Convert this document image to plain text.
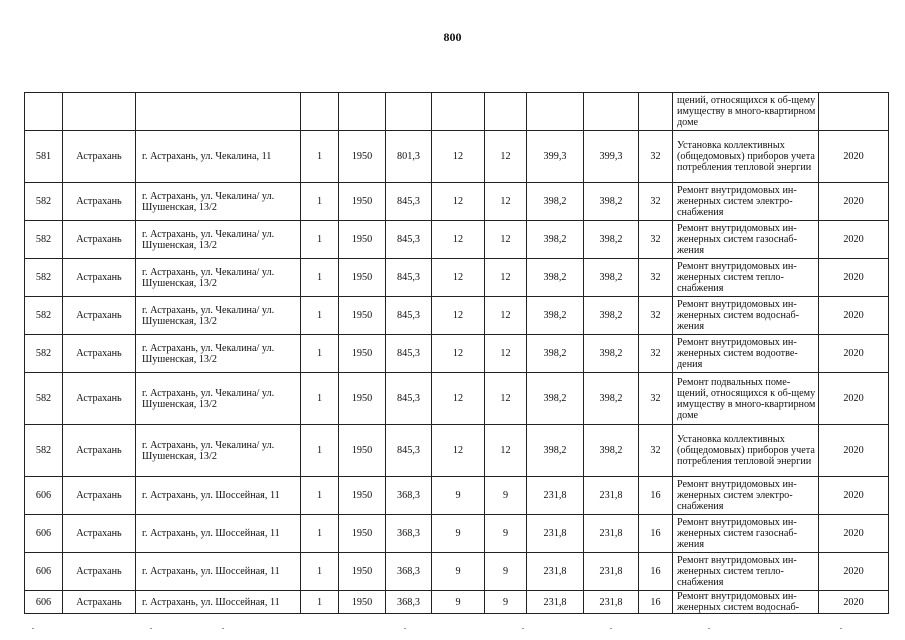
800
											щений, относящихся к об-щему имуществу в много-квартирном доме	
581	Астрахань	г. Астрахань, ул. Чекалина, 11	1	1950	801,3	12	12	399,3	399,3	32	Установка коллективных (общедомовых) приборов учета потребления тепловой энергии	2020
582	Астрахань	г. Астрахань, ул. Чекалина/ ул. Шушенская, 13/2	1	1950	845,3	12	12	398,2	398,2	32	Ремонт внутридомовых ин-женерных систем электро-снабжения	2020
582	Астрахань	г. Астрахань, ул. Чекалина/ ул. Шушенская, 13/2	1	1950	845,3	12	12	398,2	398,2	32	Ремонт внутридомовых ин-женерных систем газоснаб-жения	2020
582	Астрахань	г. Астрахань, ул. Чекалина/ ул. Шушенская, 13/2	1	1950	845,3	12	12	398,2	398,2	32	Ремонт внутридомовых ин-женерных систем тепло-снабжения	2020
582	Астрахань	г. Астрахань, ул. Чекалина/ ул. Шушенская, 13/2	1	1950	845,3	12	12	398,2	398,2	32	Ремонт внутридомовых ин-женерных систем водоснаб-жения	2020
582	Астрахань	г. Астрахань, ул. Чекалина/ ул. Шушенская, 13/2	1	1950	845,3	12	12	398,2	398,2	32	Ремонт внутридомовых ин-женерных систем водоотве-дения	2020
582	Астрахань	г. Астрахань, ул. Чекалина/ ул. Шушенская, 13/2	1	1950	845,3	12	12	398,2	398,2	32	Ремонт подвальных поме-щений, относящихся к об-щему имуществу в много-квартирном доме	2020
582	Астрахань	г. Астрахань, ул. Чекалина/ ул. Шушенская, 13/2	1	1950	845,3	12	12	398,2	398,2	32	Установка коллективных (общедомовых) приборов учета потребления тепловой энергии	2020
606	Астрахань	г. Астрахань, ул. Шоссейная, 11	1	1950	368,3	9	9	231,8	231,8	16	Ремонт внутридомовых ин-женерных систем электро-снабжения	2020
606	Астрахань	г. Астрахань, ул. Шоссейная, 11	1	1950	368,3	9	9	231,8	231,8	16	Ремонт внутридомовых ин-женерных систем газоснаб-жения	2020
606	Астрахань	г. Астрахань, ул. Шоссейная, 11	1	1950	368,3	9	9	231,8	231,8	16	Ремонт внутридомовых ин-женерных систем тепло-снабжения	2020
606	Астрахань	г. Астрахань, ул. Шоссейная, 11	1	1950	368,3	9	9	231,8	231,8	16	Ремонт внутридомовых ин-женерных систем водоснаб-	2020
